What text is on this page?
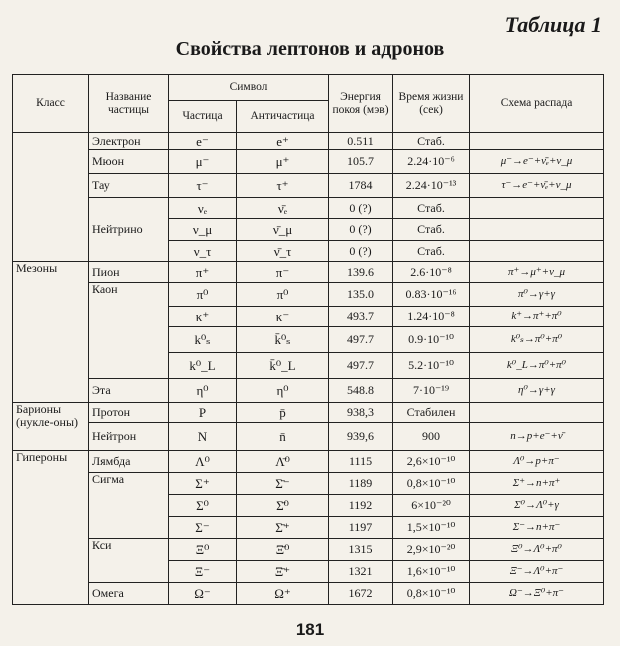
Таблица 1
Свойства лептонов и адронов
Класс	Название частицы	Символ		Энергия покоя (мэв)	Время жизни (сек)	Схема распада
		Частица	Античастица			
	Электрон	e⁻	e⁺	0.511	Стаб.	
	Мюон	μ⁻	μ⁺	105.7	2.24·10⁻⁶	μ⁻→e⁻+ν̄ₑ+ν_μ
	Тау	τ⁻	τ⁺	1784	2.24·10⁻¹³	τ⁻→e⁻+ν̄ₑ+ν_μ
	Нейтрино	νₑ	ν̄ₑ	0 (?)	Стаб.	
		ν_μ	ν̄_μ	0 (?)	Стаб.	
		ν_τ	ν̄_τ	0 (?)	Стаб.	
Мезоны	Пион	π⁺	π⁻	139.6	2.6·10⁻⁸	π⁺→μ⁺+ν_μ
	Каон	π⁰	π⁰	135.0	0.83·10⁻¹⁶	π⁰→γ+γ
		κ⁺	κ⁻	493.7	1.24·10⁻⁸	k⁺→π⁺+π⁰
		k⁰ₛ	k̄⁰ₛ	497.7	0.9·10⁻¹⁰	k⁰ₛ→π⁰+π⁰
		k⁰_L	k̄⁰_L	497.7	5.2·10⁻¹⁰	k⁰_L→π⁰+π⁰
	Эта	η⁰	η⁰	548.8	7·10⁻¹⁹	η⁰→γ+γ
Барионы (нукле-оны)	Протон	P	p̄	938,3	Стабилен	
	Нейтрон	N	n̄	939,6	900	n→p+e⁻+ν̄
Гипероны	Лямбда	Λ⁰	Λ̄⁰	1115	2,6×10⁻¹⁰	Λ⁰→p+π⁻
	Сигма	Σ⁺	Σ̄⁻	1189	0,8×10⁻¹⁰	Σ⁺→n+π⁺
		Σ⁰	Σ̄⁰	1192	6×10⁻²⁰	Σ⁰→Λ⁰+γ
		Σ⁻	Σ̄⁺	1197	1,5×10⁻¹⁰	Σ⁻→n+π⁻
	Кси	Ξ⁰	Ξ̄⁰	1315	2,9×10⁻²⁰	Ξ⁰→Λ⁰+π⁰
		Ξ⁻	Ξ̄⁺	1321	1,6×10⁻¹⁰	Ξ⁻→Λ⁰+π⁻
	Омега	Ω⁻	Ω⁺	1672	0,8×10⁻¹⁰	Ω⁻→Ξ⁰+π⁻
181
